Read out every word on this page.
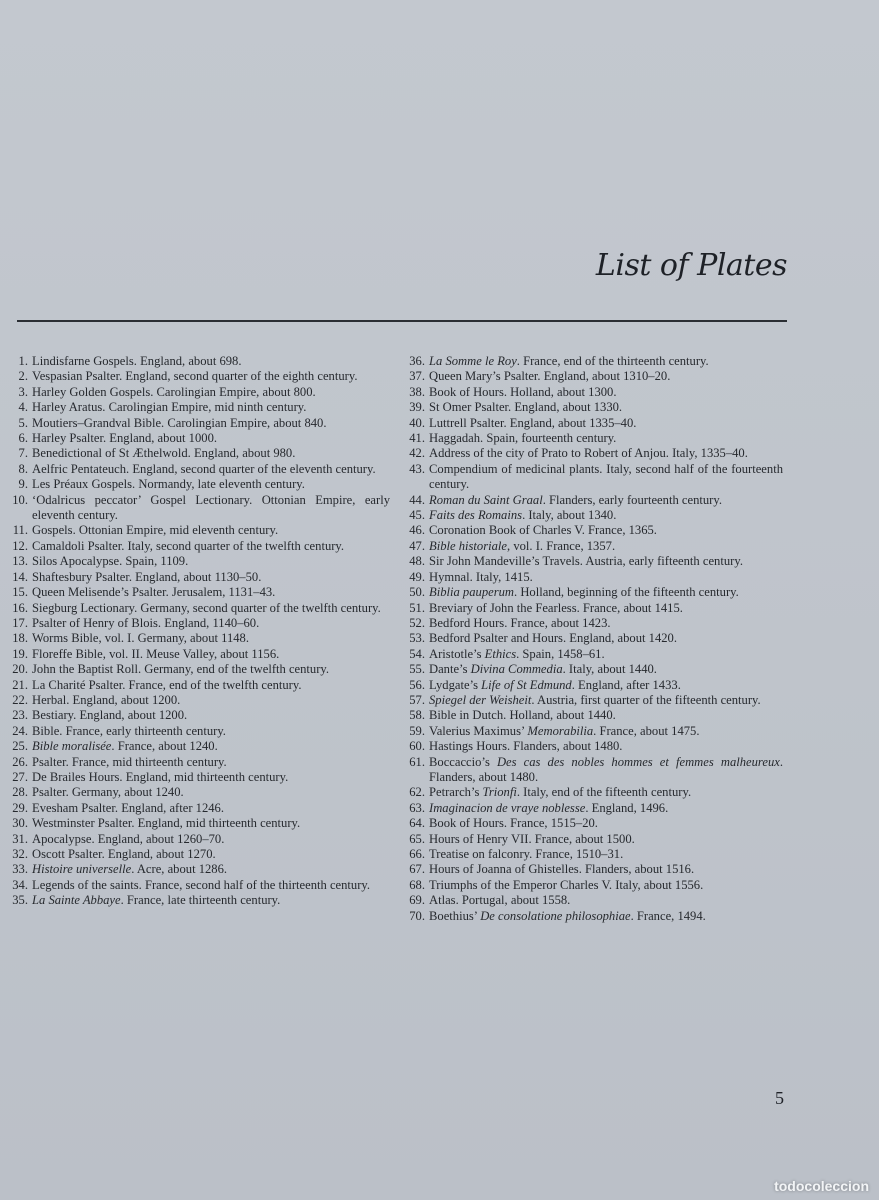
List of Plates
1. Lindisfarne Gospels. England, about 698.
2. Vespasian Psalter. England, second quarter of the eighth century.
3. Harley Golden Gospels. Carolingian Empire, about 800.
4. Harley Aratus. Carolingian Empire, mid ninth century.
5. Moutiers–Grandval Bible. Carolingian Empire, about 840.
6. Harley Psalter. England, about 1000.
7. Benedictional of St Æthelwold. England, about 980.
8. Aelfric Pentateuch. England, second quarter of the eleventh century.
9. Les Préaux Gospels. Normandy, late eleventh century.
10. ‘Odalricus peccator’ Gospel Lectionary. Ottonian Empire, early eleventh century.
11. Gospels. Ottonian Empire, mid eleventh century.
12. Camaldoli Psalter. Italy, second quarter of the twelfth century.
13. Silos Apocalypse. Spain, 1109.
14. Shaftesbury Psalter. England, about 1130–50.
15. Queen Melisende’s Psalter. Jerusalem, 1131–43.
16. Siegburg Lectionary. Germany, second quarter of the twelfth century.
17. Psalter of Henry of Blois. England, 1140–60.
18. Worms Bible, vol. I. Germany, about 1148.
19. Floreffe Bible, vol. II. Meuse Valley, about 1156.
20. John the Baptist Roll. Germany, end of the twelfth century.
21. La Charité Psalter. France, end of the twelfth century.
22. Herbal. England, about 1200.
23. Bestiary. England, about 1200.
24. Bible. France, early thirteenth century.
25. Bible moralisée. France, about 1240.
26. Psalter. France, mid thirteenth century.
27. De Brailes Hours. England, mid thirteenth century.
28. Psalter. Germany, about 1240.
29. Evesham Psalter. England, after 1246.
30. Westminster Psalter. England, mid thirteenth century.
31. Apocalypse. England, about 1260–70.
32. Oscott Psalter. England, about 1270.
33. Histoire universelle. Acre, about 1286.
34. Legends of the saints. France, second half of the thirteenth century.
35. La Sainte Abbaye. France, late thirteenth century.
36. La Somme le Roy. France, end of the thirteenth century.
37. Queen Mary’s Psalter. England, about 1310–20.
38. Book of Hours. Holland, about 1300.
39. St Omer Psalter. England, about 1330.
40. Luttrell Psalter. England, about 1335–40.
41. Haggadah. Spain, fourteenth century.
42. Address of the city of Prato to Robert of Anjou. Italy, 1335–40.
43. Compendium of medicinal plants. Italy, second half of the fourteenth century.
44. Roman du Saint Graal. Flanders, early fourteenth century.
45. Faits des Romains. Italy, about 1340.
46. Coronation Book of Charles V. France, 1365.
47. Bible historiale, vol. I. France, 1357.
48. Sir John Mandeville’s Travels. Austria, early fifteenth century.
49. Hymnal. Italy, 1415.
50. Biblia pauperum. Holland, beginning of the fifteenth century.
51. Breviary of John the Fearless. France, about 1415.
52. Bedford Hours. France, about 1423.
53. Bedford Psalter and Hours. England, about 1420.
54. Aristotle’s Ethics. Spain, 1458–61.
55. Dante’s Divina Commedia. Italy, about 1440.
56. Lydgate’s Life of St Edmund. England, after 1433.
57. Spiegel der Weisheit. Austria, first quarter of the fifteenth century.
58. Bible in Dutch. Holland, about 1440.
59. Valerius Maximus’ Memorabilia. France, about 1475.
60. Hastings Hours. Flanders, about 1480.
61. Boccaccio’s Des cas des nobles hommes et femmes malheureux. Flanders, about 1480.
62. Petrarch’s Trionfi. Italy, end of the fifteenth century.
63. Imaginacion de vraye noblesse. England, 1496.
64. Book of Hours. France, 1515–20.
65. Hours of Henry VII. France, about 1500.
66. Treatise on falconry. France, 1510–31.
67. Hours of Joanna of Ghistelles. Flanders, about 1516.
68. Triumphs of the Emperor Charles V. Italy, about 1556.
69. Atlas. Portugal, about 1558.
70. Boethius’ De consolatione philosophiae. France, 1494.
5
todocoleccion
